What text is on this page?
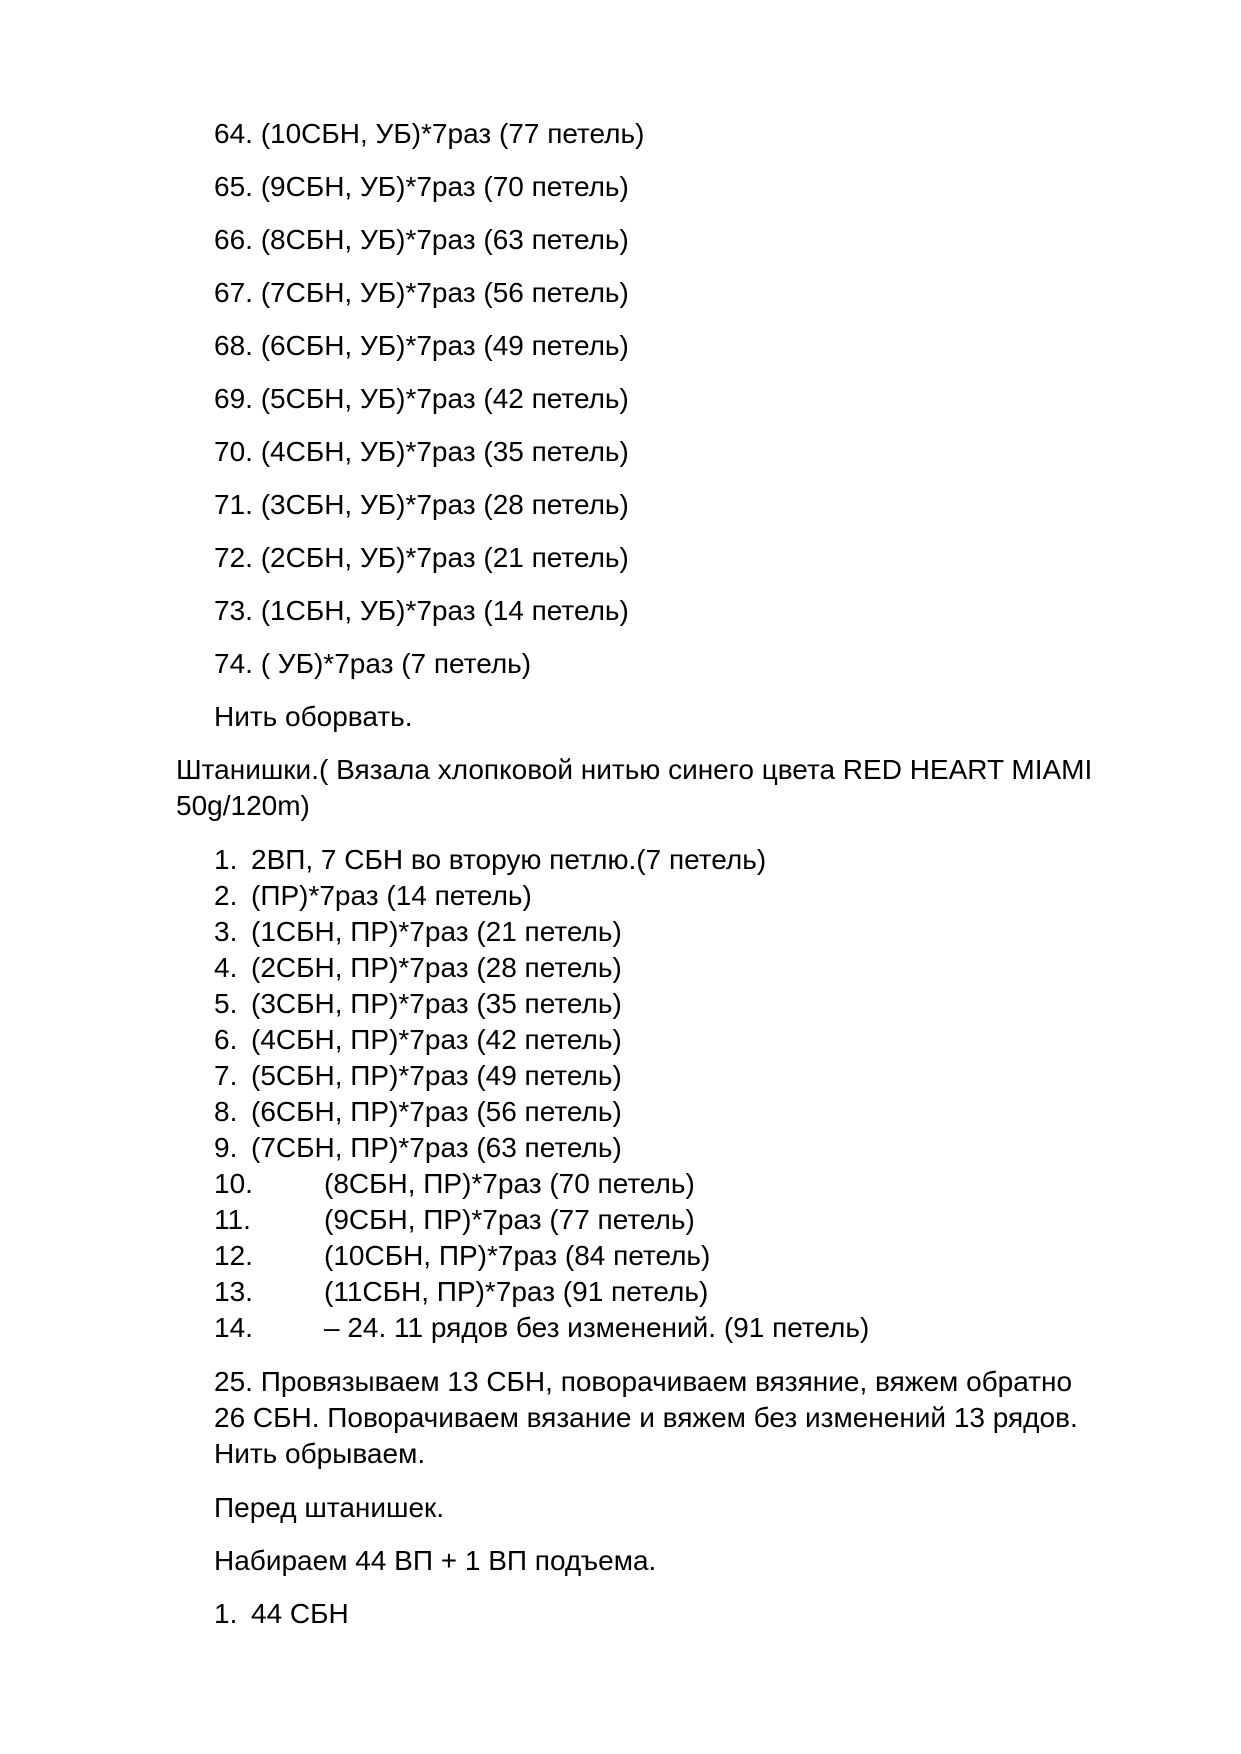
64. (10СБН, УБ)*7раз (77 петель)
65. (9СБН, УБ)*7раз (70 петель)
66. (8СБН, УБ)*7раз (63 петель)
67. (7СБН, УБ)*7раз (56 петель)
68. (6СБН, УБ)*7раз (49 петель)
69. (5СБН, УБ)*7раз (42 петель)
70. (4СБН, УБ)*7раз (35 петель)
71. (3СБН, УБ)*7раз (28 петель)
72. (2СБН, УБ)*7раз (21 петель)
73. (1СБН, УБ)*7раз (14 петель)
74. ( УБ)*7раз (7 петель)
Нить оборвать.
Штанишки.( Вязала хлопковой нитью синего цвета RED HEART MIAMI
50g/120m)
1. 2ВП, 7 СБН во вторую петлю.(7 петель)
2. (ПР)*7раз (14 петель)
3. (1СБН, ПР)*7раз (21 петель)
4. (2СБН, ПР)*7раз (28 петель)
5. (3СБН, ПР)*7раз (35 петель)
6. (4СБН, ПР)*7раз (42 петель)
7. (5СБН, ПР)*7раз (49 петель)
8. (6СБН, ПР)*7раз (56 петель)
9. (7СБН, ПР)*7раз (63 петель)
10.	(8СБН, ПР)*7раз (70 петель)
11.	(9СБН, ПР)*7раз (77 петель)
12.	(10СБН, ПР)*7раз (84 петель)
13.	(11СБН, ПР)*7раз (91 петель)
14.	– 24. 11 рядов без изменений. (91 петель)
25. Провязываем 13 СБН, поворачиваем вязяние, вяжем обратно
26 СБН. Поворачиваем вязание и вяжем без изменений 13 рядов.
Нить обрываем.
Перед штанишек.
Набираем 44 ВП + 1 ВП подъема.
1. 44 СБН
